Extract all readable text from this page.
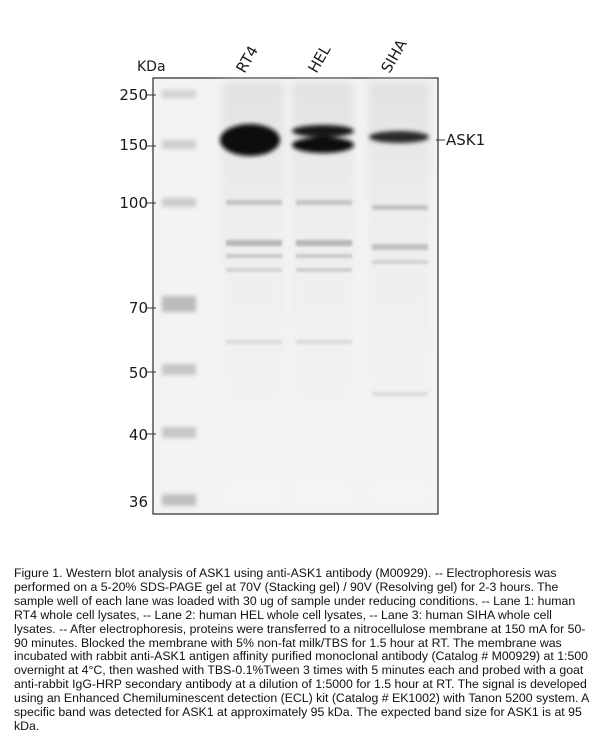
KDa	RT4	HEL	SIHA
250
150
100
70
50
40
36
ASK1
Figure 1. Western blot analysis of ASK1 using anti-ASK1 antibody (M00929). -- Electrophoresis was performed on a 5-20% SDS-PAGE gel at 70V (Stacking gel) / 90V (Resolving gel) for 2-3 hours. The sample well of each lane was loaded with 30 ug of sample under reducing conditions. -- Lane 1: human RT4 whole cell lysates, -- Lane 2: human HEL whole cell lysates, -- Lane 3: human SIHA whole cell lysates. -- After electrophoresis, proteins were transferred to a nitrocellulose membrane at 150 mA for 50-90 minutes. Blocked the membrane with 5% non-fat milk/TBS for 1.5 hour at RT. The membrane was incubated with rabbit anti-ASK1 antigen affinity purified monoclonal antibody (Catalog # M00929) at 1:500 overnight at 4°C, then washed with TBS-0.1%Tween 3 times with 5 minutes each and probed with a goat anti-rabbit IgG-HRP secondary antibody at a dilution of 1:5000 for 1.5 hour at RT. The signal is developed using an Enhanced Chemiluminescent detection (ECL) kit (Catalog # EK1002) with Tanon 5200 system. A specific band was detected for ASK1 at approximately 95 kDa. The expected band size for ASK1 is at 95 kDa.
